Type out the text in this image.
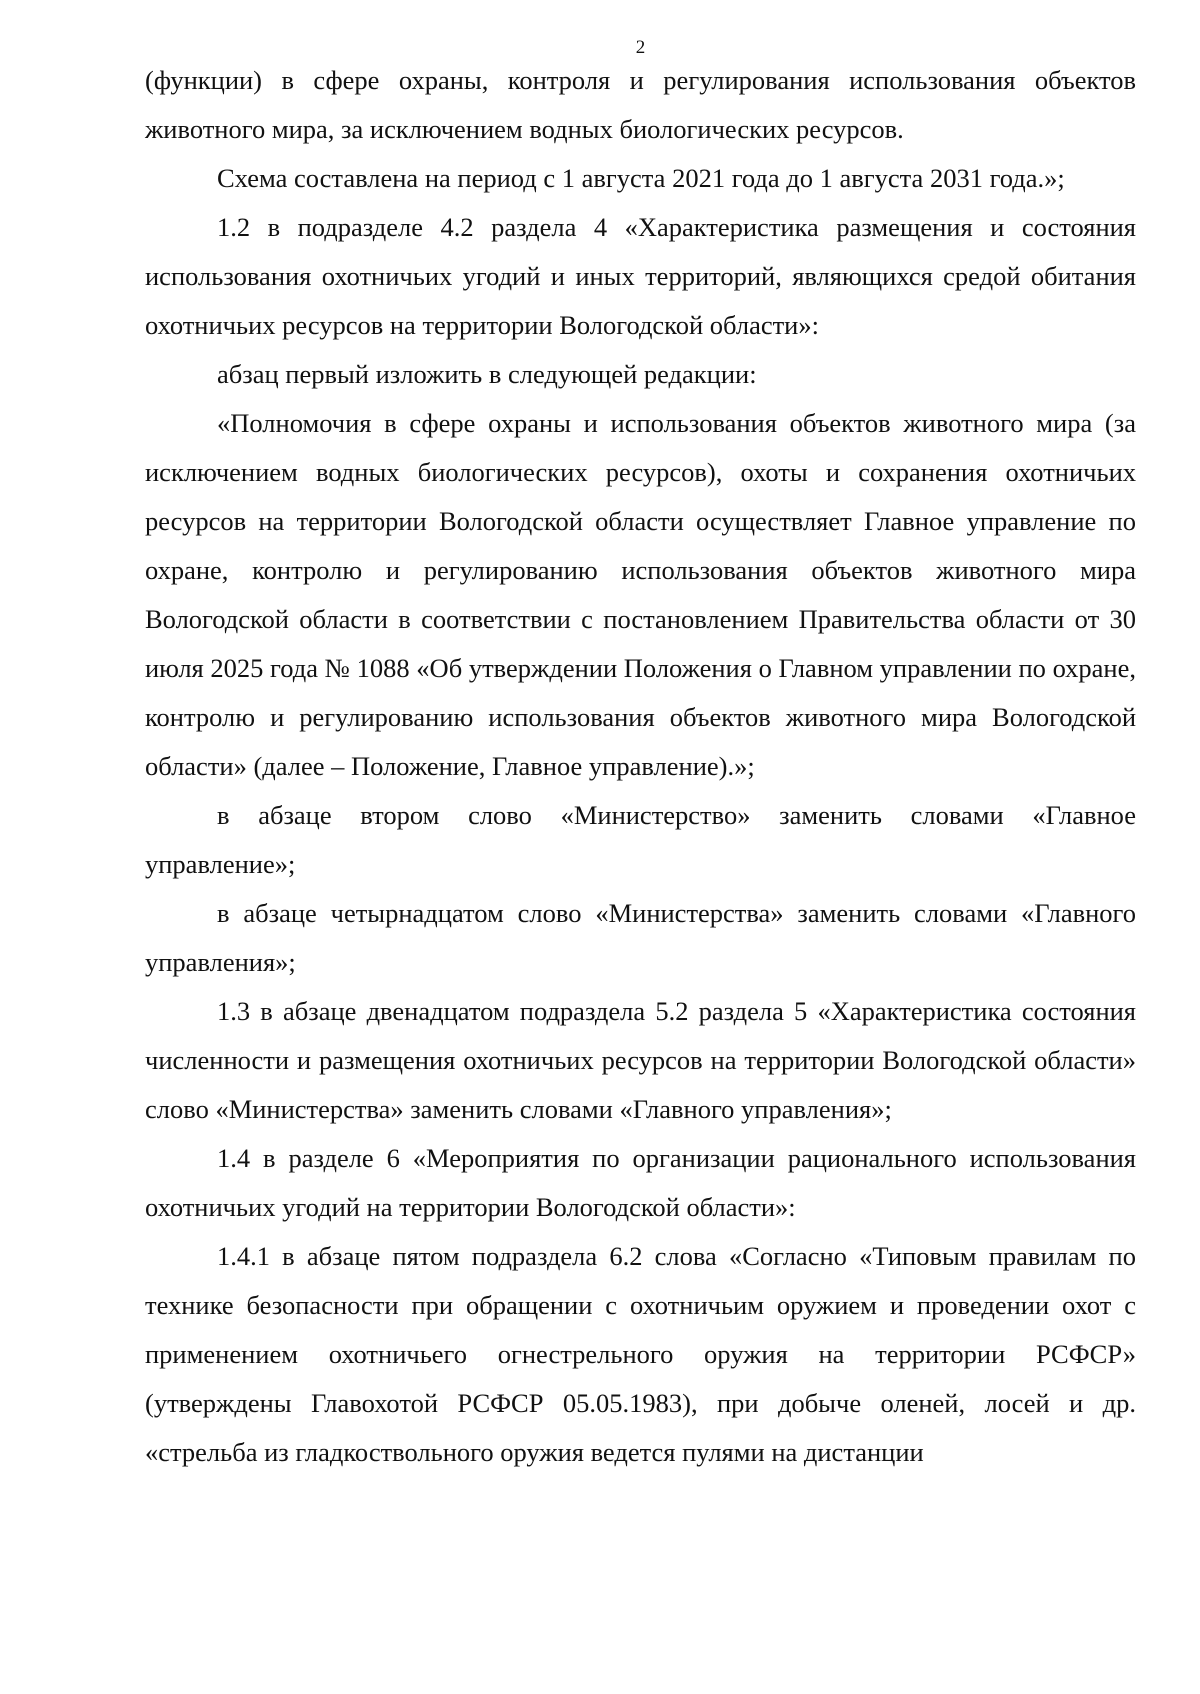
2

(функции) в сфере охраны, контроля и регулирования использования объектов животного мира, за исключением водных биологических ресурсов.

Схема составлена на период с 1 августа 2021 года до 1 августа 2031 года.»;

1.2 в подразделе 4.2 раздела 4 «Характеристика размещения и состояния использования охотничьих угодий и иных территорий, являющихся средой обитания охотничьих ресурсов на территории Вологодской области»:

абзац первый изложить в следующей редакции:

«Полномочия в сфере охраны и использования объектов животного мира (за исключением водных биологических ресурсов), охоты и сохранения охотничьих ресурсов на территории Вологодской области осуществляет Главное управление по охране, контролю и регулированию использования объектов животного мира Вологодской области в соответствии с постановлением Правительства области от 30 июля 2025 года № 1088 «Об утверждении Положения о Главном управлении по охране, контролю и регулированию использования объектов животного мира Вологодской области» (далее – Положение, Главное управление).»;

в абзаце втором слово «Министерство» заменить словами «Главное управление»;

в абзаце четырнадцатом слово «Министерства» заменить словами «Главного управления»;

1.3 в абзаце двенадцатом подраздела 5.2 раздела 5 «Характеристика состояния численности и размещения охотничьих ресурсов на территории Вологодской области» слово «Министерства» заменить словами «Главного управления»;

1.4 в разделе 6 «Мероприятия по организации рационального использования охотничьих угодий на территории Вологодской области»:

1.4.1 в абзаце пятом подраздела 6.2 слова «Согласно «Типовым правилам по технике безопасности при обращении с охотничьим оружием и проведении охот с применением охотничьего огнестрельного оружия на территории РСФСР» (утверждены Главохотой РСФСР 05.05.1983), при добыче оленей, лосей и др. «стрельба из гладкоствольного оружия ведется пулями на дистанции
